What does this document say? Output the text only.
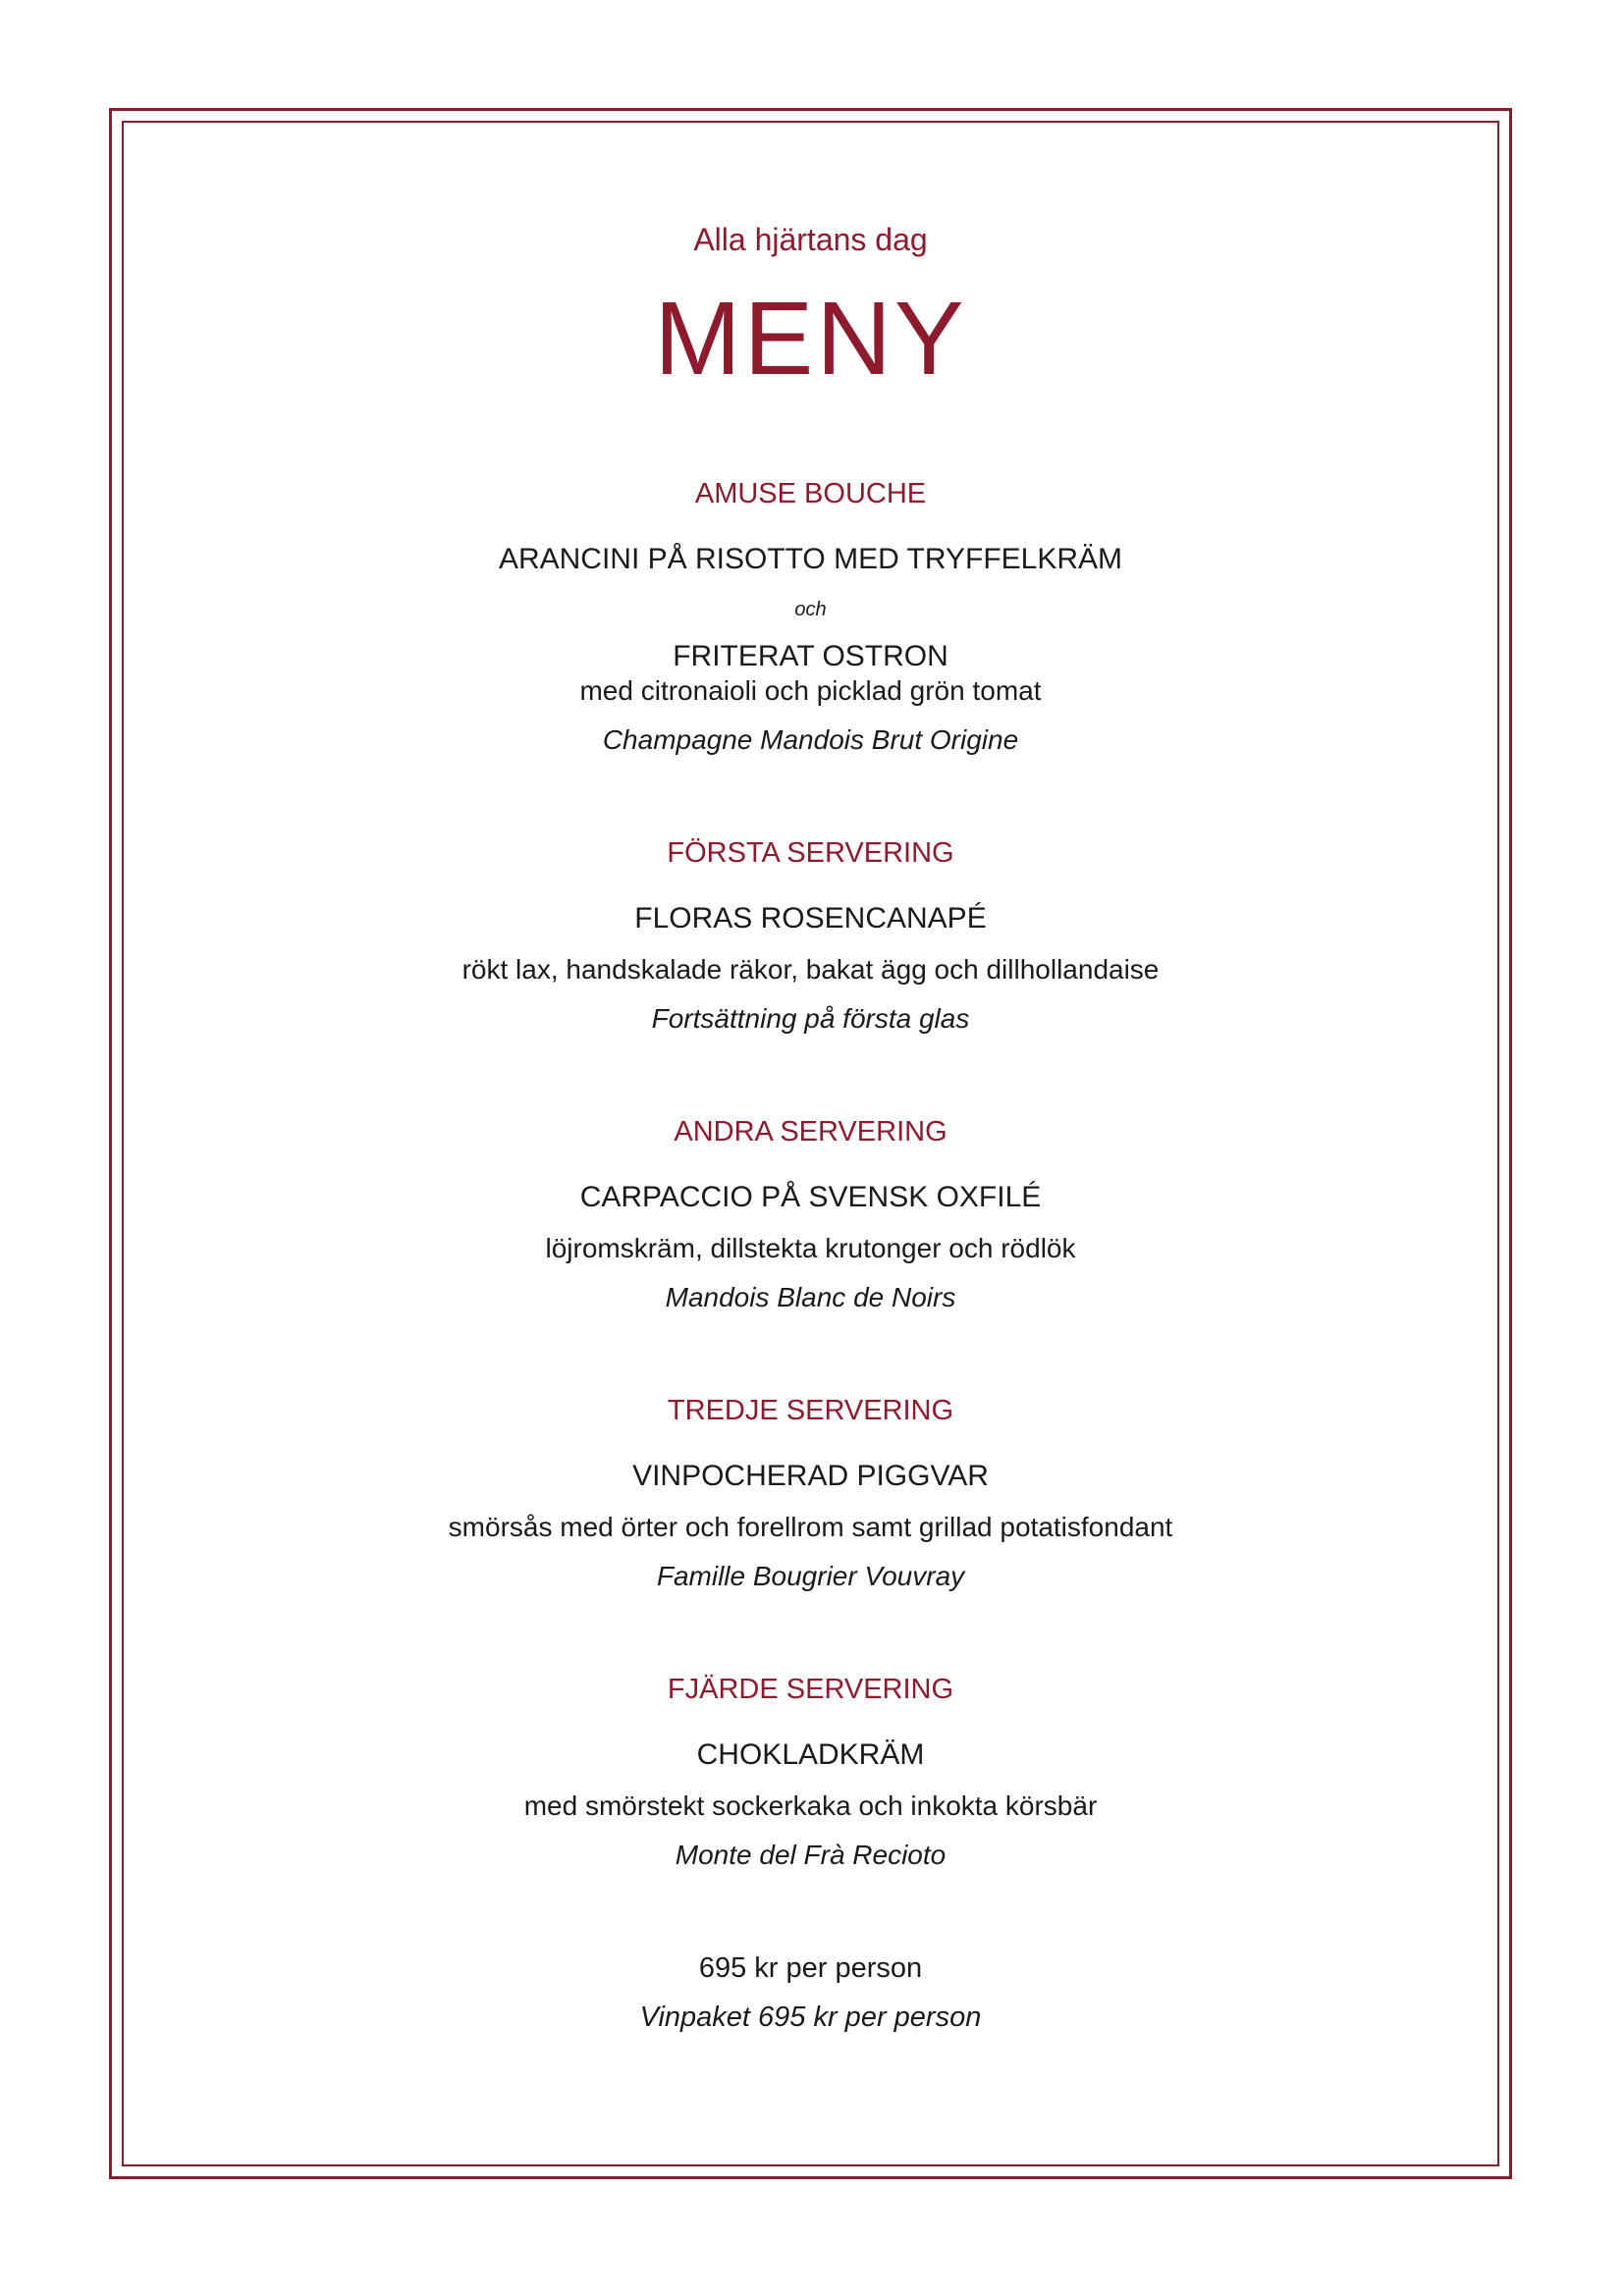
Alla hjärtans dag
MENY
AMUSE BOUCHE
ARANCINI PÅ RISOTTO MED TRYFFELKRÄM
och
FRITERAT OSTRON
med citronaioli och picklad grön tomat
Champagne Mandois Brut Origine
FÖRSTA SERVERING
FLORAS ROSENCANAPÉ
rökt lax, handskalade räkor, bakat ägg och dillhollandaise
Fortsättning på första glas
ANDRA SERVERING
CARPACCIO PÅ SVENSK OXFILÉ
löjromskräm, dillstekta krutonger och rödlök
Mandois Blanc de Noirs
TREDJE SERVERING
VINPOCHERAD PIGGVAR
smörsås med örter och forellrom samt grillad potatisfondant
Famille Bougrier Vouvray
FJÄRDE SERVERING
CHOKLADKRÄM
med smörstekt sockerkaka och inkokta körsbär
Monte del Frà Recioto
695 kr per person
Vinpaket 695 kr per person
